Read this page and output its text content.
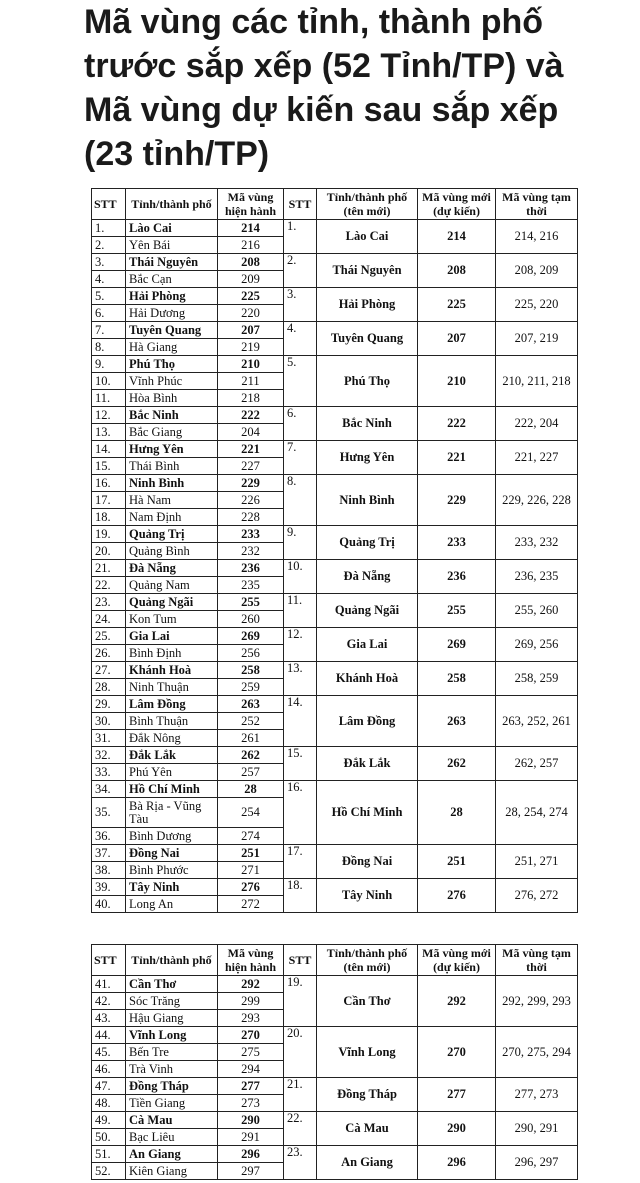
Mã vùng các tỉnh, thành phố
trước sắp xếp (52 Tỉnh/TP) và
Mã vùng dự kiến sau sắp xếp
(23 tỉnh/TP)
STT	Tỉnh/thành phố	Mã vùng hiện hành	STT	Tỉnh/thành phố (tên mới)	Mã vùng mới (dự kiến)	Mã vùng tạm thời
1.	Lào Cai	214	1.	Lào Cai	214	214, 216
2.	Yên Bái	216				
3.	Thái Nguyên	208	2.	Thái Nguyên	208	208, 209
4.	Bắc Cạn	209				
5.	Hải Phòng	225	3.	Hải Phòng	225	225, 220
6.	Hải Dương	220				
7.	Tuyên Quang	207	4.	Tuyên Quang	207	207, 219
8.	Hà Giang	219				
9.	Phú Thọ	210	5.	Phú Thọ	210	210, 211, 218
10.	Vĩnh Phúc	211				
11.	Hòa Bình	218				
12.	Bắc Ninh	222	6.	Bắc Ninh	222	222, 204
13.	Bắc Giang	204				
14.	Hưng Yên	221	7.	Hưng Yên	221	221, 227
15.	Thái Bình	227				
16.	Ninh Bình	229	8.	Ninh Bình	229	229, 226, 228
17.	Hà Nam	226				
18.	Nam Định	228				
19.	Quảng Trị	233	9.	Quảng Trị	233	233, 232
20.	Quảng Bình	232				
21.	Đà Nẵng	236	10.	Đà Nẵng	236	236, 235
22.	Quảng Nam	235				
23.	Quảng Ngãi	255	11.	Quảng Ngãi	255	255, 260
24.	Kon Tum	260				
25.	Gia Lai	269	12.	Gia Lai	269	269, 256
26.	Bình Định	256				
27.	Khánh Hoà	258	13.	Khánh Hoà	258	258, 259
28.	Ninh Thuận	259				
29.	Lâm Đồng	263	14.	Lâm Đồng	263	263, 252, 261
30.	Bình Thuận	252				
31.	Đắk Nông	261				
32.	Đắk Lắk	262	15.	Đắk Lắk	262	262, 257
33.	Phú Yên	257				
34.	Hồ Chí Minh	28	16.	Hồ Chí Minh	28	28, 254, 274
35.	Bà Rịa - Vũng Tàu	254				
36.	Bình Dương	274				
37.	Đồng Nai	251	17.	Đồng Nai	251	251, 271
38.	Bình Phước	271				
39.	Tây Ninh	276	18.	Tây Ninh	276	276, 272
40.	Long An	272				
STT	Tỉnh/thành phố	Mã vùng hiện hành	STT	Tỉnh/thành phố (tên mới)	Mã vùng mới (dự kiến)	Mã vùng tạm thời
41.	Cần Thơ	292	19.	Cần Thơ	292	292, 299, 293
42.	Sóc Trăng	299				
43.	Hậu Giang	293				
44.	Vĩnh Long	270	20.	Vĩnh Long	270	270, 275, 294
45.	Bến Tre	275				
46.	Trà Vinh	294				
47.	Đồng Tháp	277	21.	Đồng Tháp	277	277, 273
48.	Tiền Giang	273				
49.	Cà Mau	290	22.	Cà Mau	290	290, 291
50.	Bạc Liêu	291				
51.	An Giang	296	23.	An Giang	296	296, 297
52.	Kiên Giang	297				
